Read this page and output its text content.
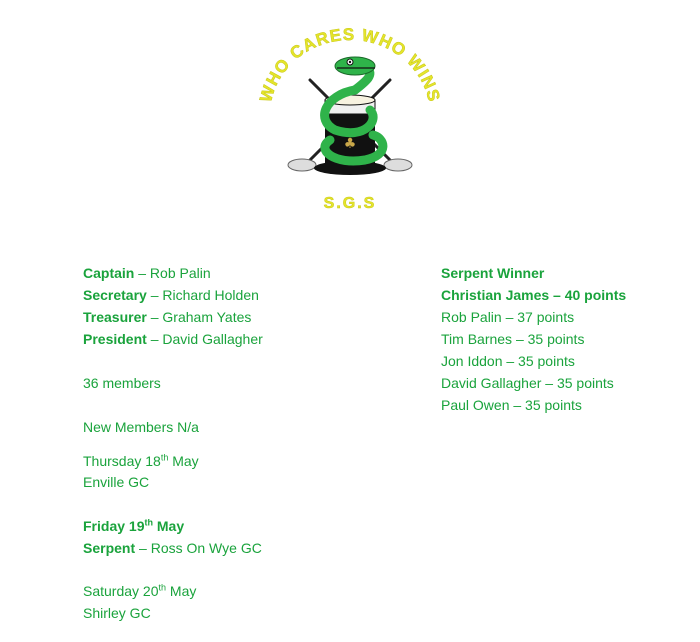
WHO CARES WHO WINS
♣
S.G.S
Captain – Rob Palin
Secretary – Richard Holden
Treasurer – Graham Yates
President – David Gallagher
36 members
New Members N/a
Thursday 18th May
Enville GC
Friday 19th May
Serpent – Ross On Wye GC
Saturday 20th May
Shirley GC
Serpent Winner
Christian James – 40 points
Rob Palin – 37 points
Tim Barnes – 35 points
Jon Iddon – 35 points
David Gallagher – 35 points
Paul Owen – 35 points
